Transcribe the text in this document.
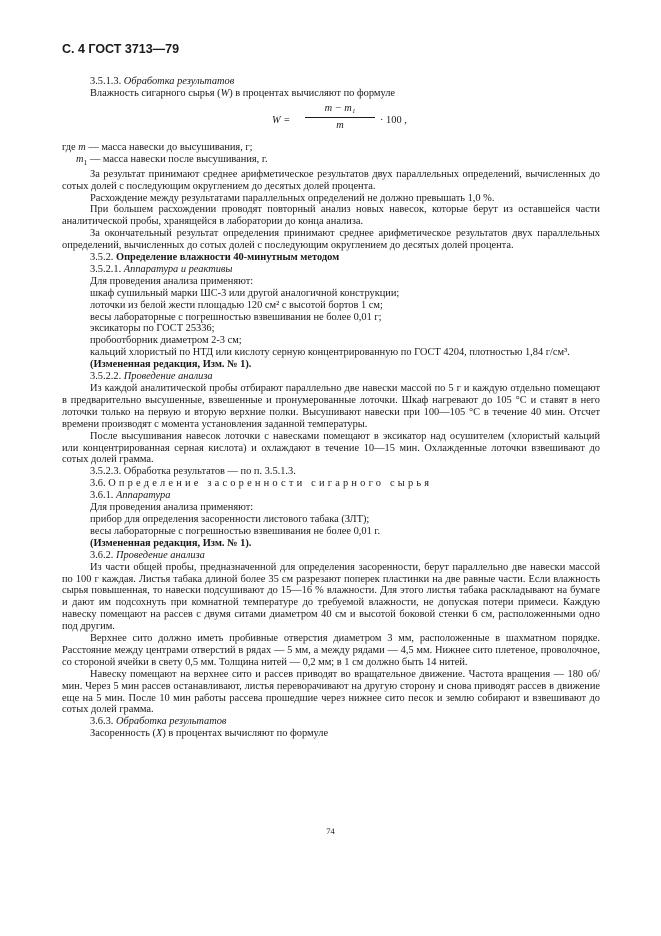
С. 4 ГОСТ 3713—79

3.5.1.3. Обработка результатов

Влажность сигарного сырья (W) в процентах вычисляют по формуле

$W = \frac{\text{m − m₁}}{m} \cdot 100$ ,

где m — масса навески до высушивания, г;

$m_1$ — масса навески после высушивания, г.

За результат принимают среднее арифметическое результатов двух параллельных определений, вычисленных до сотых долей с последующим округлением до десятых долей процента.

Расхождение между результатами параллельных определений не должно превышать 1,0 %.

При большем расхождении проводят повторный анализ новых навесок, которые берут из оставшейся части аналитической пробы, хранящейся в лаборатории до конца анализа.

За окончательный результат определения принимают среднее арифметическое результатов двух параллельных определений, вычисленных до сотых долей с последующим округлением до десятых долей процента.

3.5.2. Определение влажности 40-минутным методом

3.5.2.1. Аппаратура и реактивы

Для проведения анализа применяют:

шкаф сушильный марки ШС-3 или другой аналогичной конструкции;

лоточки из белой жести площадью 120 см² с высотой бортов 1 см;

весы лабораторные с погрешностью взвешивания не более 0,01 г;

эксикаторы по ГОСТ 25336;

пробоотборник диаметром 2-3 см;

кальций хлористый по НТД или кислоту серную концентрированную по ГОСТ 4204, плотностью 1,84 г/см³.

(Измененная редакция, Изм. № 1).

3.5.2.2. Проведение анализа

Из каждой аналитической пробы отбирают параллельно две навески массой по 5 г и каждую отдельно помещают в предварительно высушенные, взвешенные и пронумерованные лоточки. Шкаф нагревают до 105 °С и ставят в него лоточки только на первую и вторую верхние полки. Высушивают навески при 100—105 °С в течение 40 мин. Отсчет времени производят с момента установления заданной температуры.

После высушивания навесок лоточки с навесками помещают в эксикатор над осушителем (хлористый кальций или концентрированная серная кислота) и охлаждают в течение 10—15 мин. Охлажденные лоточки взвешивают до сотых долей грамма.

3.5.2.3. Обработка результатов — по п. 3.5.1.3.

3.6. Определение засоренности сигарного сырья

3.6.1. Аппаратура

Для проведения анализа применяют:

прибор для определения засоренности листового табака (ЗЛТ);

весы лабораторные с погрешностью взвешивания не более 0,01 г.

(Измененная редакция, Изм. № 1).

3.6.2. Проведение анализа

Из части общей пробы, предназначенной для определения засоренности, берут параллельно две навески массой по 100 г каждая. Листья табака длиной более 35 см разрезают поперек пластинки на две равные части. Если влажность сырья повышенная, то навески подсушивают до 15—16 % влажности. Для этого листья табака раскладывают на бумаге и дают им подсохнуть при комнатной температуре до требуемой влажности, не допуская потери примеси. Каждую навеску помещают на рассев с двумя ситами диаметром 40 см и высотой боковой стенки 6 см, расположенными одно под другим.

Верхнее сито должно иметь пробивные отверстия диаметром 3 мм, расположенные в шахматном порядке. Расстояние между центрами отверстий в рядах — 5 мм, а между рядами — 4,5 мм. Нижнее сито плетеное, проволочное, со стороной ячейки в свету 0,5 мм. Толщина нитей — 0,2 мм; в 1 см должно быть 14 нитей.

Навеску помещают на верхнее сито и рассев приводят во вращательное движение. Частота вращения — 180 об/мин. Через 5 мин рассев останавливают, листья переворачивают на другую сторону и снова приводят рассев в движение еще на 5 мин. После 10 мин работы рассева прошедшие через нижнее сито песок и землю собирают и взвешивают до сотых долей грамма.

3.6.3. Обработка результатов

Засоренность (X) в процентах вычисляют по формуле

74
